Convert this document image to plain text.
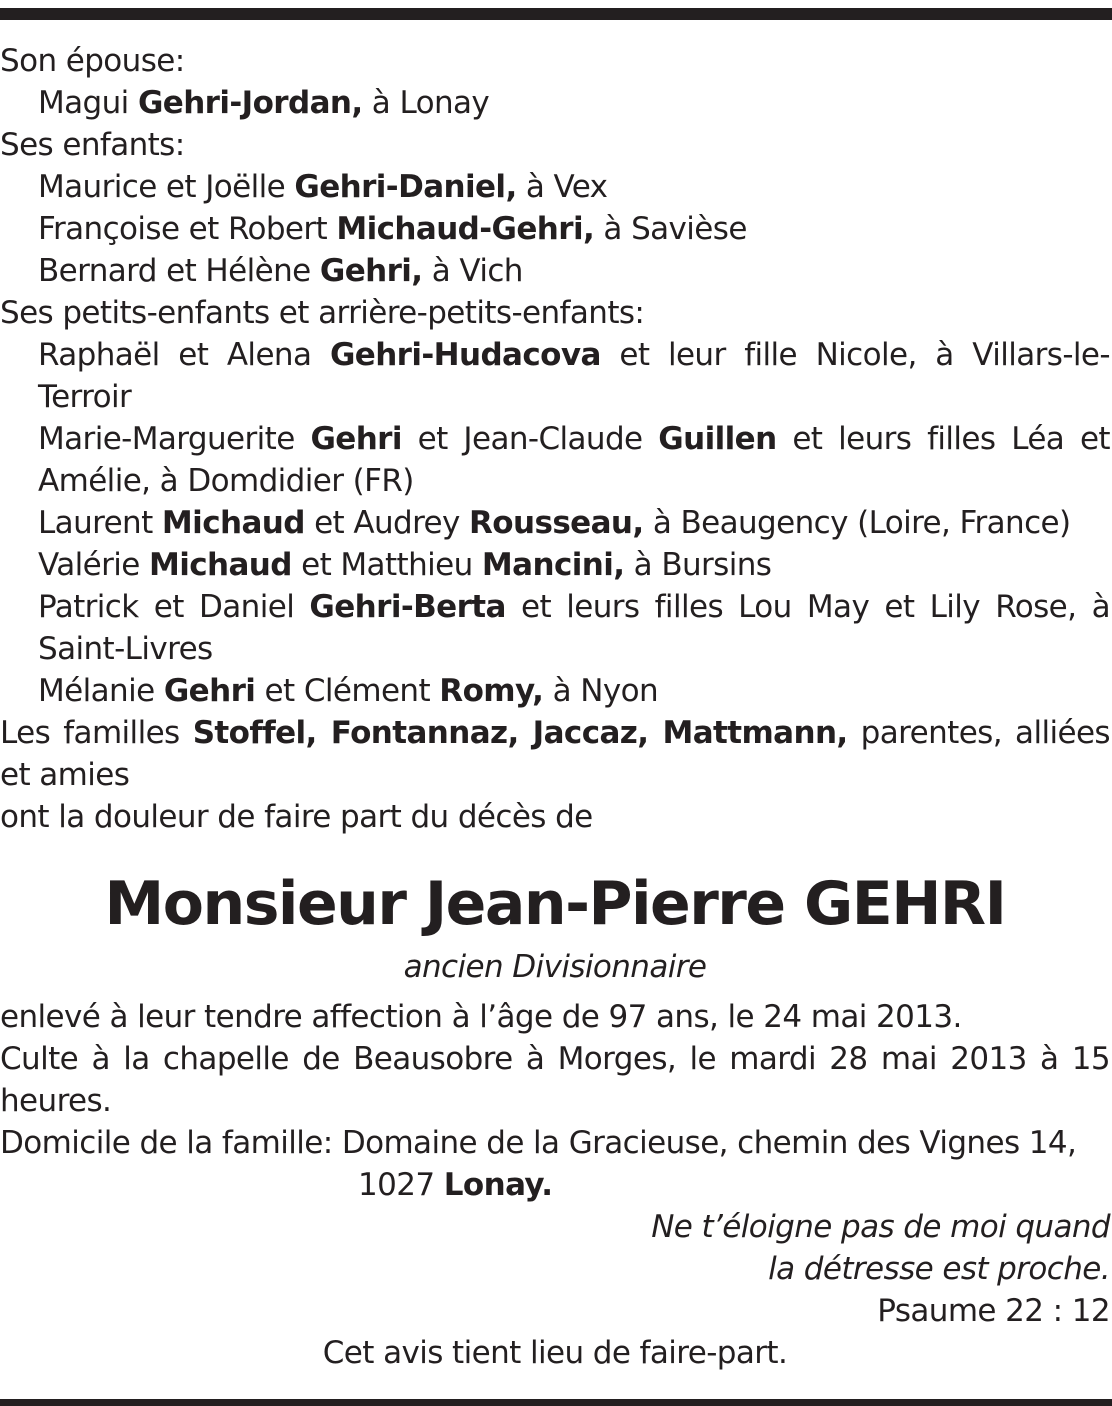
Son épouse:
Magui Gehri-Jordan, à Lonay
Ses enfants:
Maurice et Joëlle Gehri-Daniel, à Vex
Françoise et Robert Michaud-Gehri, à Savièse
Bernard et Hélène Gehri, à Vich
Ses petits-enfants et arrière-petits-enfants:
Raphaël et Alena Gehri-Hudacova et leur fille Nicole, à Villars-le-Terroir
Marie-Marguerite Gehri et Jean-Claude Guillen et leurs filles Léa et Amélie, à Domdidier (FR)
Laurent Michaud et Audrey Rousseau, à Beaugency (Loire, France)
Valérie Michaud et Matthieu Mancini, à Bursins
Patrick et Daniel Gehri-Berta et leurs filles Lou May et Lily Rose, à Saint-Livres
Mélanie Gehri et Clément Romy, à Nyon
Les familles Stoffel, Fontannaz, Jaccaz, Mattmann, parentes, alliées et amies
ont la douleur de faire part du décès de
Monsieur Jean-Pierre GEHRI
ancien Divisionnaire
enlevé à leur tendre affection à l’âge de 97 ans, le 24 mai 2013.
Culte à la chapelle de Beausobre à Morges, le mardi 28 mai 2013 à 15 heures.
Domicile de la famille: Domaine de la Gracieuse, chemin des Vignes 14,
1027 Lonay.
Ne t’éloigne pas de moi quand
la détresse est proche.
Psaume 22 : 12
Cet avis tient lieu de faire-part.
